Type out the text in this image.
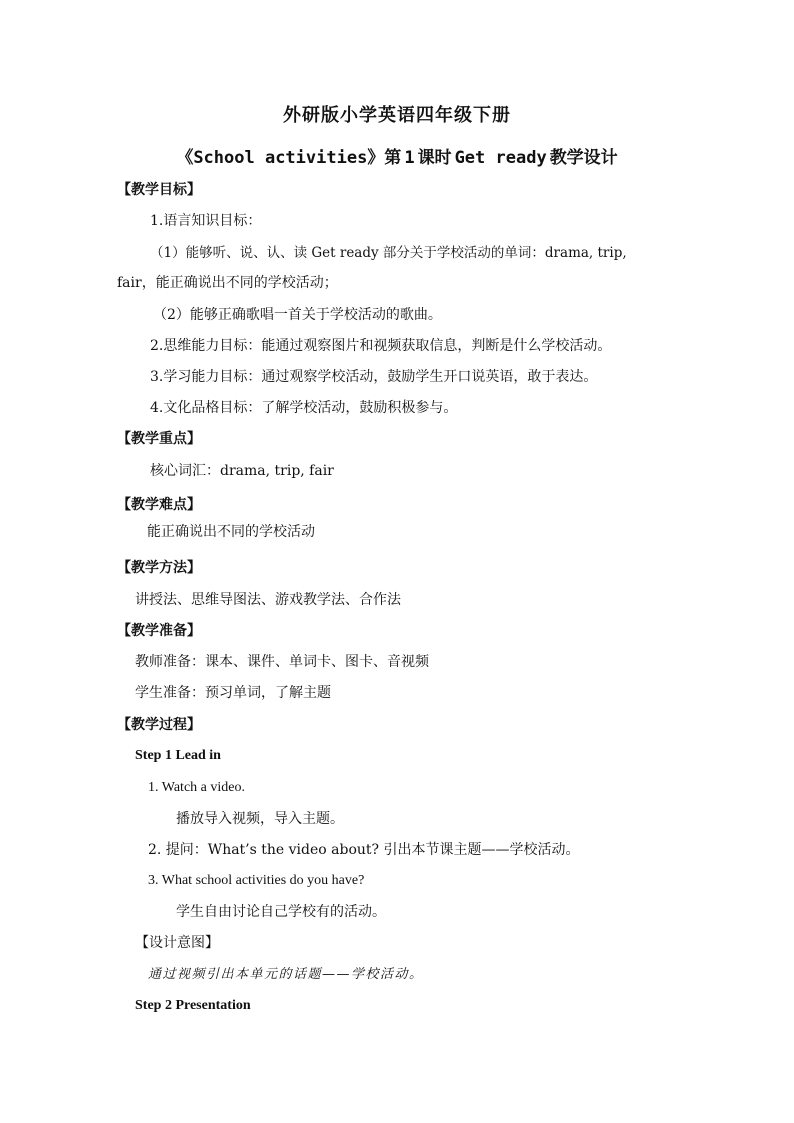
外研版小学英语四年级下册
《School activities》第 1 课时 Get ready 教学设计
【教学目标】
1.语言知识目标：
（1）能够听、说、认、读 Get ready 部分关于学校活动的单词：drama, trip,
fair，能正确说出不同的学校活动；
（2）能够正确歌唱一首关于学校活动的歌曲。
2.思维能力目标：能通过观察图片和视频获取信息，判断是什么学校活动。
3.学习能力目标：通过观察学校活动，鼓励学生开口说英语，敢于表达。
4.文化品格目标：了解学校活动，鼓励积极参与。
【教学重点】
核心词汇：drama, trip, fair
【教学难点】
能正确说出不同的学校活动
【教学方法】
讲授法、思维导图法、游戏教学法、合作法
【教学准备】
教师准备：课本、课件、单词卡、图卡、音视频
学生准备：预习单词，了解主题
【教学过程】
Step 1 Lead in
1. Watch a video.
播放导入视频，导入主题。
2. 提问：What’s the video about? 引出本节课主题——学校活动。
3. What school activities do you have?
学生自由讨论自己学校有的活动。
【设计意图】
通过视频引出本单元的话题——学校活动。
Step 2 Presentation
